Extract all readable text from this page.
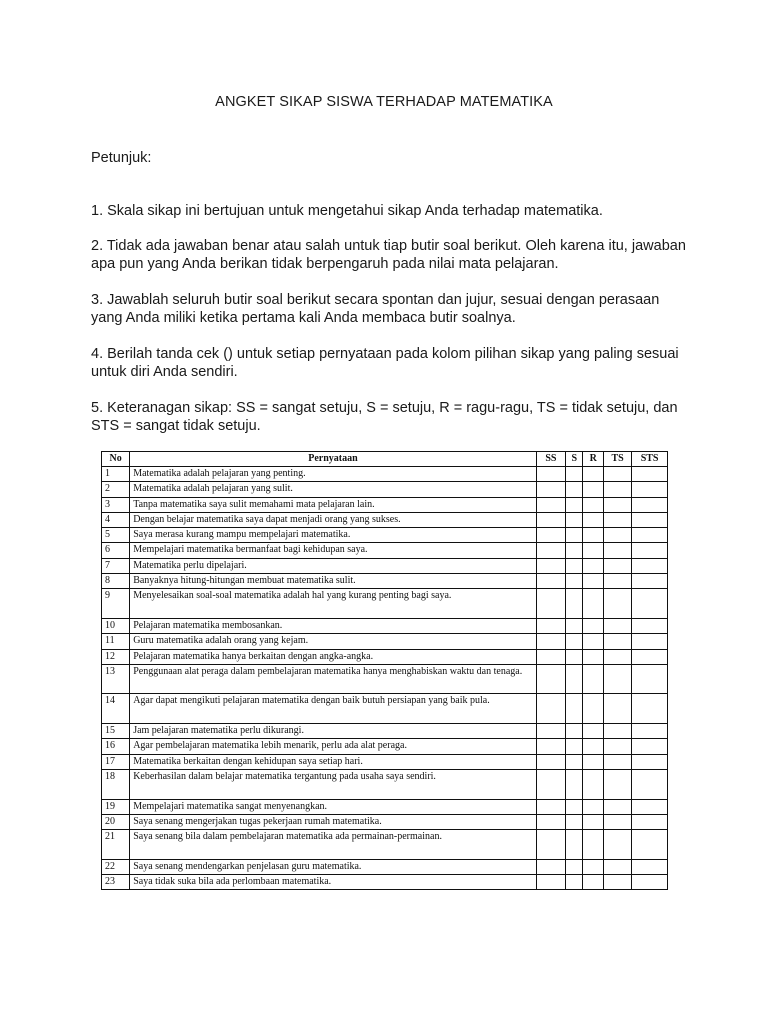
ANGKET SIKAP SISWA TERHADAP MATEMATIKA
Petunjuk:
1. Skala sikap ini bertujuan untuk mengetahui sikap Anda terhadap matematika.
2. Tidak ada jawaban benar atau salah untuk tiap butir soal berikut. Oleh karena itu, jawaban apa pun yang Anda berikan tidak berpengaruh pada nilai mata pelajaran.
3. Jawablah seluruh butir soal berikut secara spontan dan jujur, sesuai dengan perasaan yang Anda miliki ketika pertama kali Anda membaca butir soalnya.
4. Berilah tanda cek () untuk setiap pernyataan pada kolom pilihan sikap yang paling sesuai untuk diri Anda sendiri.
5. Keteranagan sikap: SS = sangat setuju, S = setuju, R = ragu-ragu, TS = tidak setuju, dan STS = sangat tidak setuju.
No	Pernyataan	SS	S	R	TS	STS
1	Matematika adalah pelajaran yang penting.					
2	Matematika adalah pelajaran yang sulit.					
3	Tanpa matematika saya sulit memahami mata pelajaran lain.					
4	Dengan belajar matematika saya dapat menjadi orang yang sukses.					
5	Saya merasa kurang mampu mempelajari matematika.					
6	Mempelajari matematika bermanfaat bagi kehidupan saya.					
7	Matematika perlu dipelajari.					
8	Banyaknya hitung-hitungan membuat matematika sulit.					
9	Menyelesaikan soal-soal matematika adalah hal yang kurang penting bagi saya.					
10	Pelajaran matematika membosankan.					
11	Guru matematika adalah orang yang kejam.					
12	Pelajaran matematika hanya berkaitan dengan angka-angka.					
13	Penggunaan alat peraga dalam pembelajaran matematika hanya menghabiskan waktu dan tenaga.					
14	Agar dapat mengikuti pelajaran matematika dengan baik butuh persiapan yang baik pula.					
15	Jam pelajaran matematika perlu dikurangi.					
16	Agar pembelajaran matematika lebih menarik, perlu ada alat peraga.					
17	Matematika berkaitan dengan kehidupan saya setiap hari.					
18	Keberhasilan dalam belajar matematika tergantung pada usaha saya sendiri.					
19	Mempelajari matematika sangat menyenangkan.					
20	Saya senang mengerjakan tugas pekerjaan rumah matematika.					
21	Saya senang bila dalam pembelajaran matematika ada permainan-permainan.					
22	Saya senang mendengarkan penjelasan guru matematika.					
23	Saya tidak suka bila ada perlombaan matematika.					
